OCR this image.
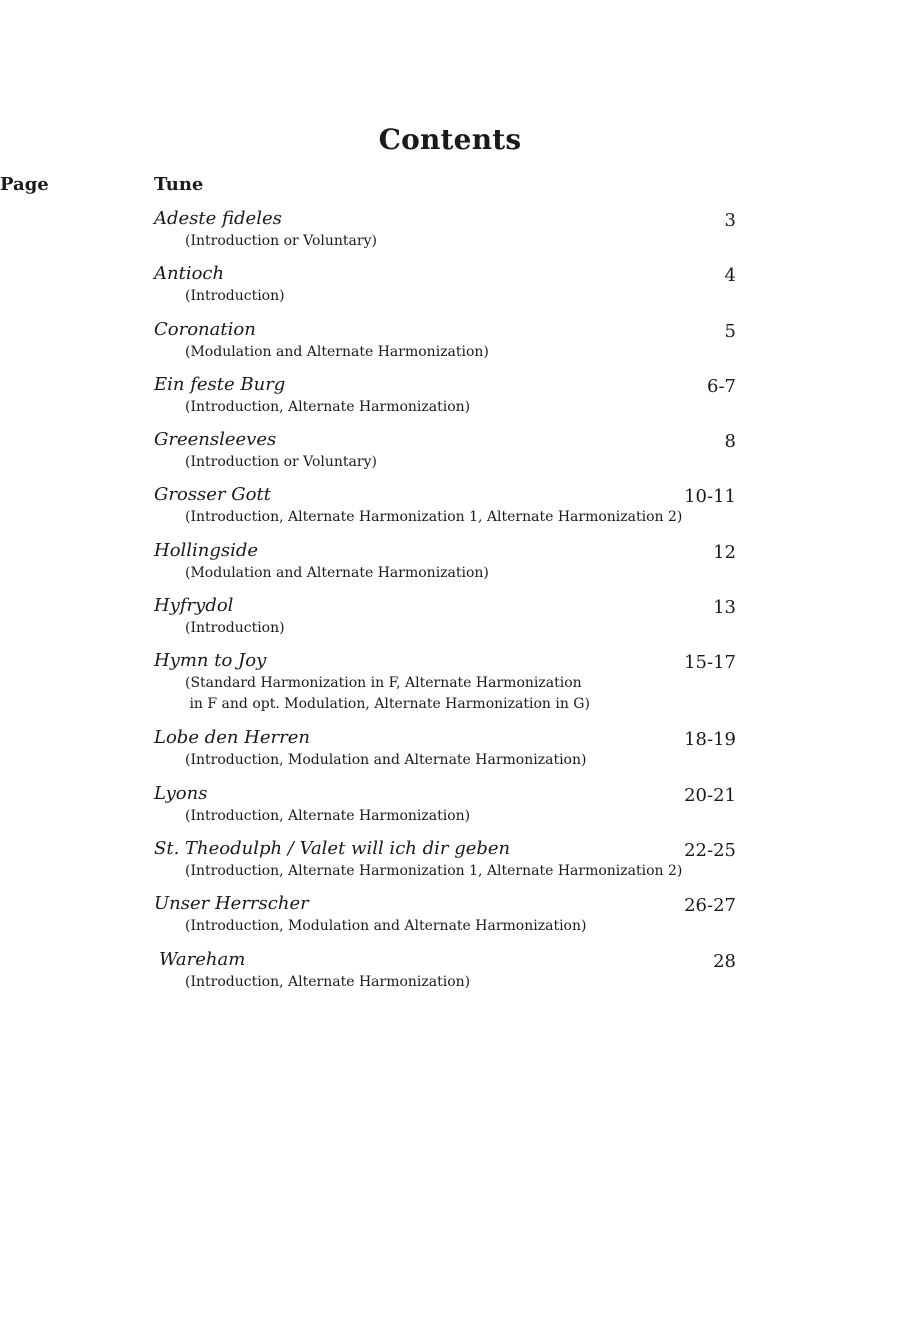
Contents
Tune
Page
Adeste fideles
(Introduction or Voluntary)
3
Antioch
(Introduction)
4
Coronation
(Modulation and Alternate Harmonization)
5
Ein feste Burg
(Introduction, Alternate Harmonization)
6-7
Greensleeves
(Introduction or Voluntary)
8
Grosser Gott
(Introduction, Alternate Harmonization 1, Alternate Harmonization 2)
10-11
Hollingside
(Modulation and Alternate Harmonization)
12
Hyfrydol
(Introduction)
13
Hymn to Joy
(Standard Harmonization in F, Alternate Harmonization
in F and opt. Modulation, Alternate Harmonization in G)
15-17
Lobe den Herren
(Introduction, Modulation and Alternate Harmonization)
18-19
Lyons
(Introduction, Alternate Harmonization)
20-21
St. Theodulph / Valet will ich dir geben
(Introduction, Alternate Harmonization 1, Alternate Harmonization 2)
22-25
Unser Herrscher
(Introduction, Modulation and Alternate Harmonization)
26-27
Wareham
(Introduction, Alternate Harmonization)
28
